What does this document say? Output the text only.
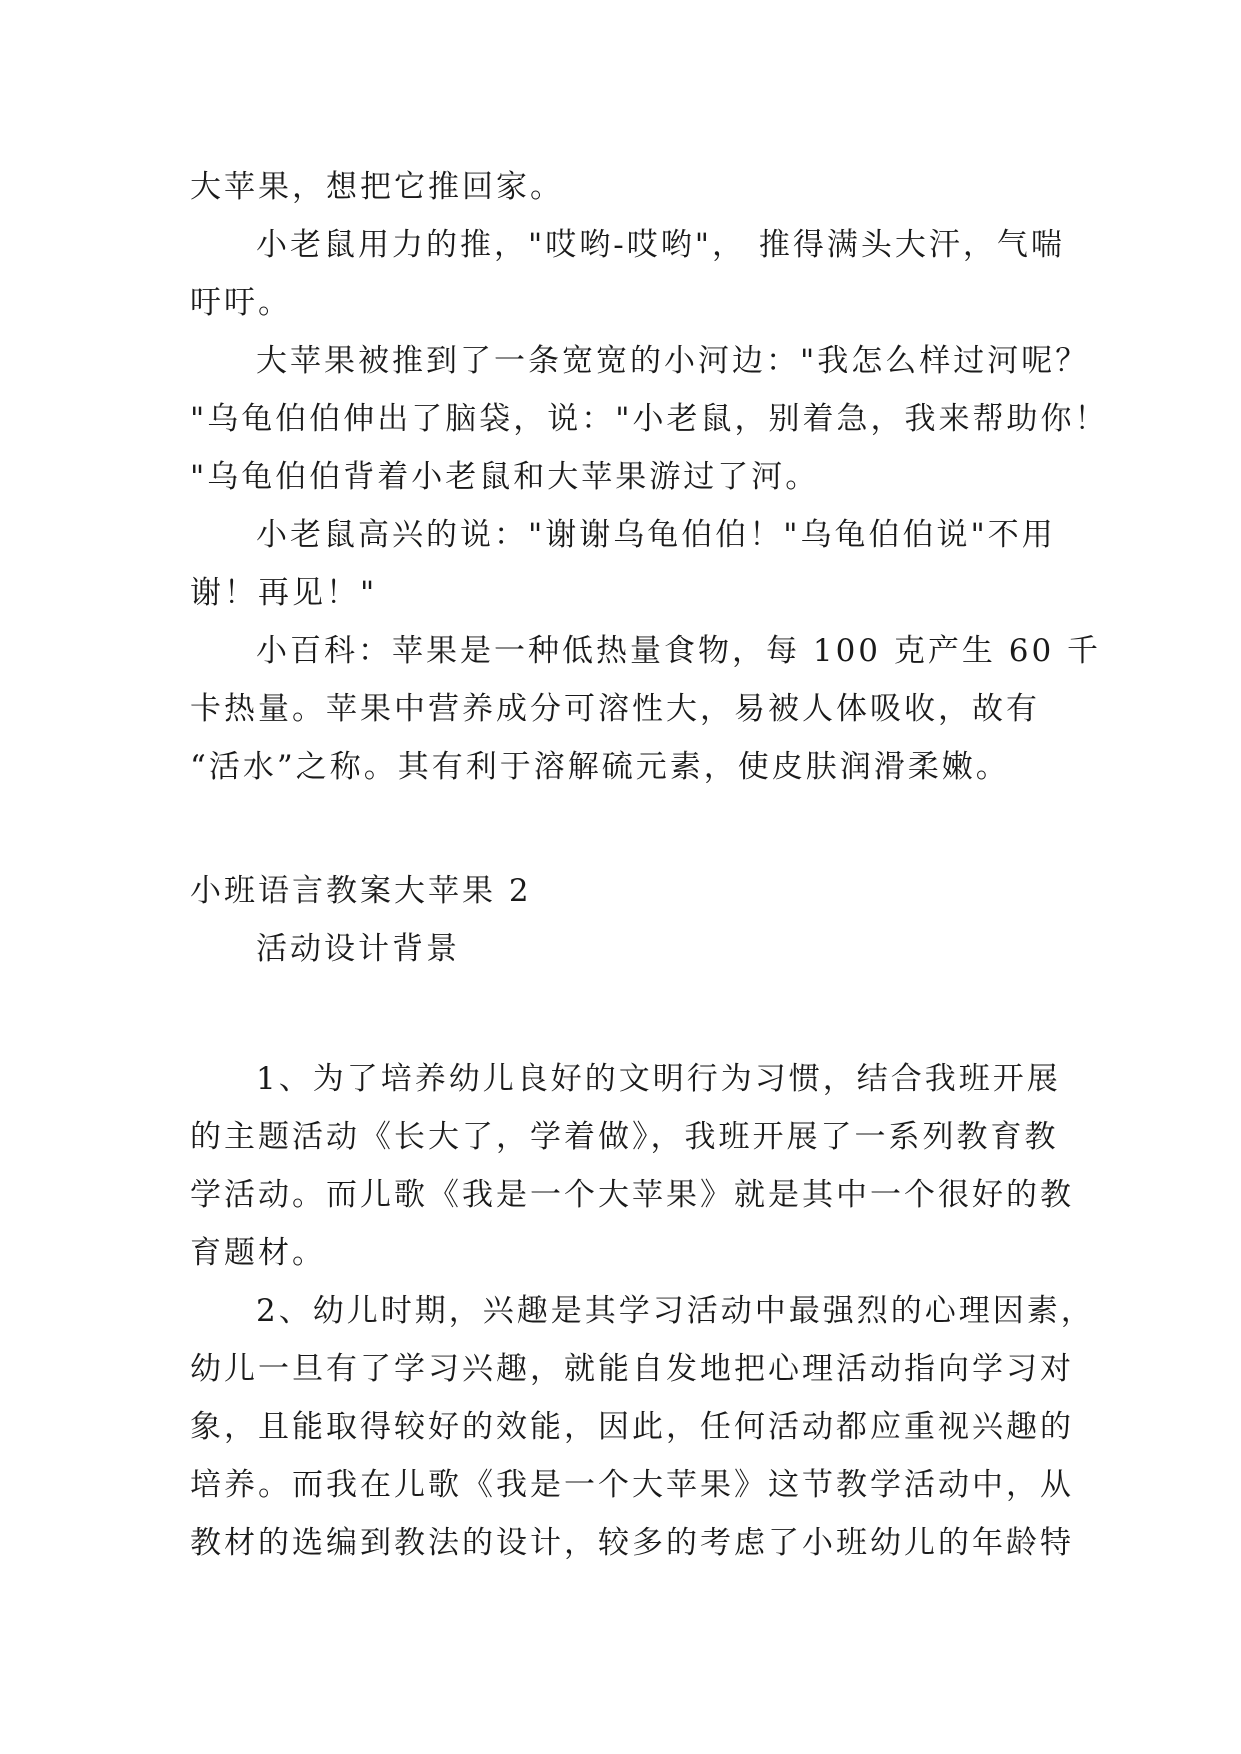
大苹果，想把它推回家。
小老鼠用力的推，"哎哟-哎哟"， 推得满头大汗，气喘
吁吁。
大苹果被推到了一条宽宽的小河边："我怎么样过河呢？
"乌龟伯伯伸出了脑袋，说："小老鼠，别着急，我来帮助你！
"乌龟伯伯背着小老鼠和大苹果游过了河。
小老鼠高兴的说："谢谢乌龟伯伯！"乌龟伯伯说"不用
谢！再见！"
小百科：苹果是一种低热量食物，每 100 克产生 60 千
卡热量。苹果中营养成分可溶性大，易被人体吸收，故有
“活水”之称。其有利于溶解硫元素，使皮肤润滑柔嫩。
小班语言教案大苹果 2
活动设计背景
1、为了培养幼儿良好的文明行为习惯，结合我班开展
的主题活动《长大了，学着做》，我班开展了一系列教育教
学活动。而儿歌《我是一个大苹果》就是其中一个很好的教
育题材。
2、幼儿时期，兴趣是其学习活动中最强烈的心理因素，
幼儿一旦有了学习兴趣，就能自发地把心理活动指向学习对
象，且能取得较好的效能，因此，任何活动都应重视兴趣的
培养。而我在儿歌《我是一个大苹果》这节教学活动中，从
教材的选编到教法的设计，较多的考虑了小班幼儿的年龄特
